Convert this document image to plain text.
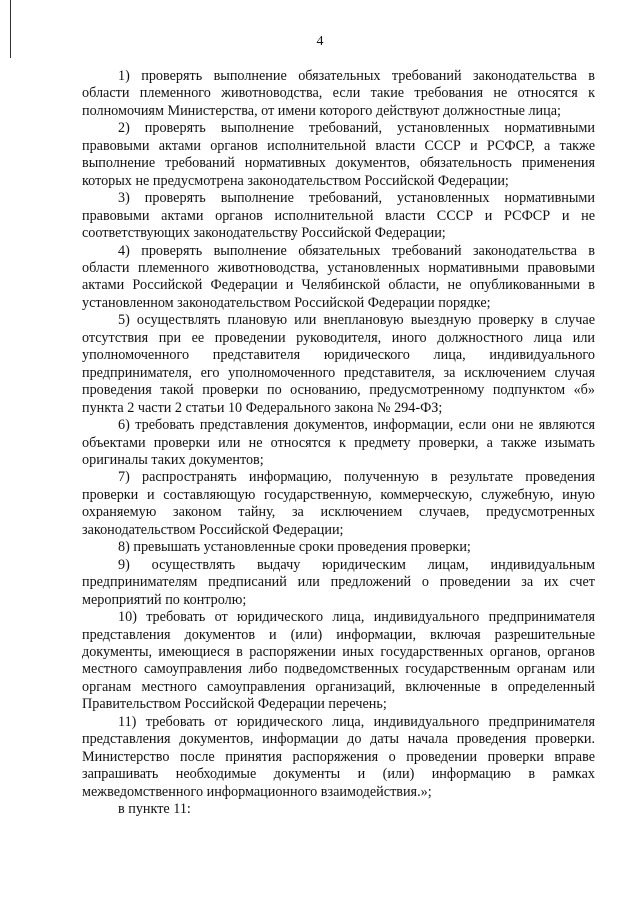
4

1) проверять выполнение обязательных требований законодательства в области племенного животноводства, если такие требования не относятся к полномочиям Министерства, от имени которого действуют должностные лица;

2) проверять выполнение требований, установленных нормативными правовыми актами органов исполнительной власти СССР и РСФСР, а также выполнение требований нормативных документов, обязательность применения которых не предусмотрена законодательством Российской Федерации;

3) проверять выполнение требований, установленных нормативными правовыми актами органов исполнительной власти СССР и РСФСР и не соответствующих законодательству Российской Федерации;

4) проверять выполнение обязательных требований законодательства в области племенного животноводства, установленных нормативными правовыми актами Российской Федерации и Челябинской области, не опубликованными в установленном законодательством Российской Федерации порядке;

5) осуществлять плановую или внеплановую выездную проверку в случае отсутствия при ее проведении руководителя, иного должностного лица или уполномоченного представителя юридического лица, индивидуального предпринимателя, его уполномоченного представителя, за исключением случая проведения такой проверки по основанию, предусмотренному подпунктом «б» пункта 2 части 2 статьи 10 Федерального закона № 294-ФЗ;

6) требовать представления документов, информации, если они не являются объектами проверки или не относятся к предмету проверки, а также изымать оригиналы таких документов;

7) распространять информацию, полученную в результате проведения проверки и составляющую государственную, коммерческую, служебную, иную охраняемую законом тайну, за исключением случаев, предусмотренных законодательством Российской Федерации;

8) превышать установленные сроки проведения проверки;

9) осуществлять выдачу юридическим лицам, индивидуальным предпринимателям предписаний или предложений о проведении за их счет мероприятий по контролю;

10) требовать от юридического лица, индивидуального предпринимателя представления документов и (или) информации, включая разрешительные документы, имеющиеся в распоряжении иных государственных органов, органов местного самоуправления либо подведомственных государственным органам или органам местного самоуправления организаций, включенные в определенный Правительством Российской Федерации перечень;

11) требовать от юридического лица, индивидуального предпринимателя представления документов, информации до даты начала проведения проверки. Министерство после принятия распоряжения о проведении проверки вправе запрашивать необходимые документы и (или) информацию в рамках межведомственного информационного взаимодействия.»;

в пункте 11:
